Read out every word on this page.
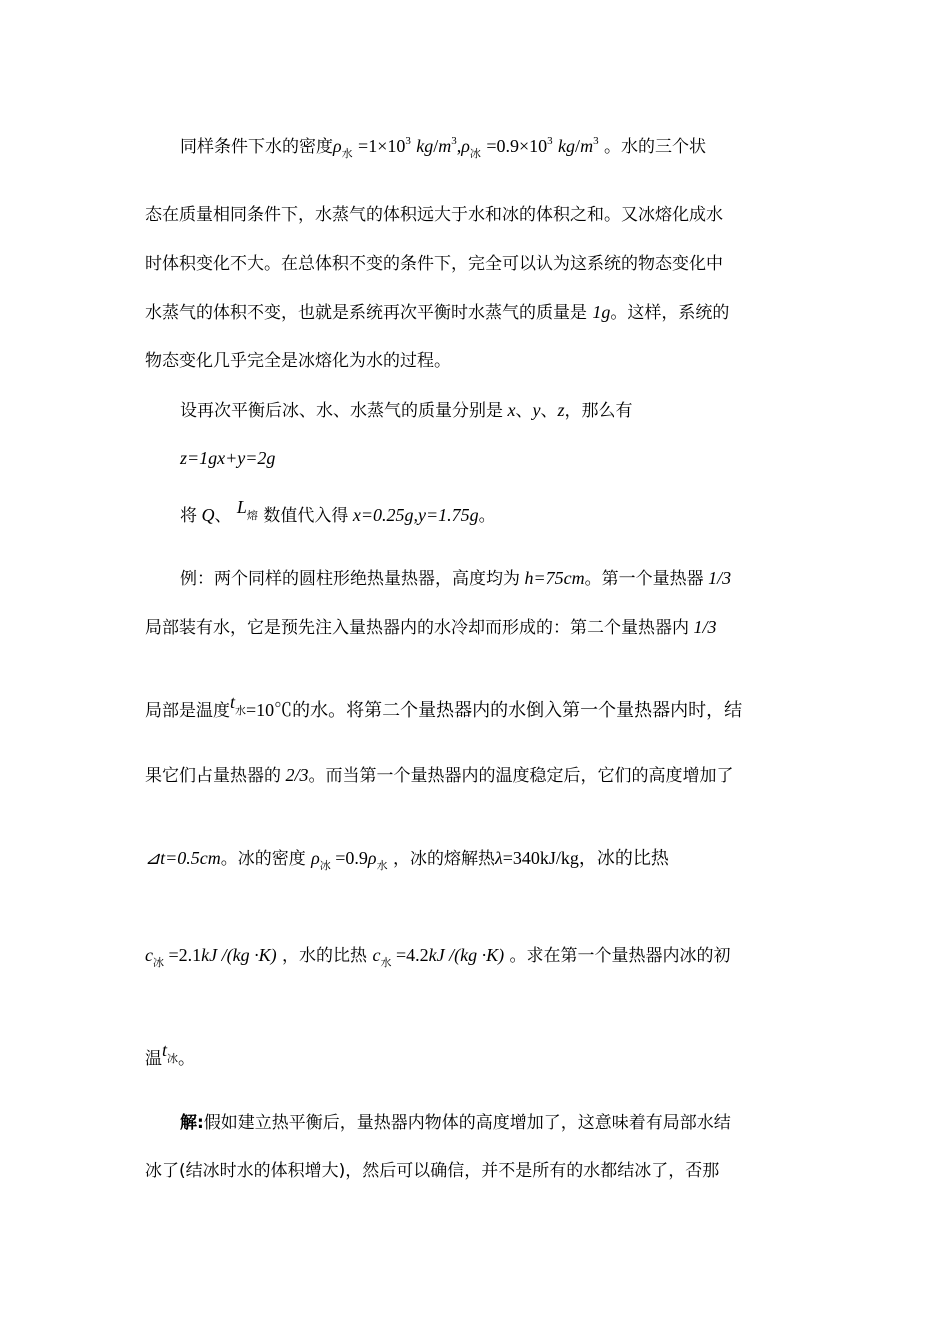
同样条件下水的密度$\rho_水 =1\times 10^3$ $kg/m^3,\rho_冰 =0.9\times 10^3$ $kg/m^3$ 。水的三个状
态在质量相同条件下，水蒸气的体积远大于水和冰的体积之和。又冰熔化成水
时体积变化不大。在总体积不变的条件下，完全可以认为这系统的物态变化中
水蒸气的体积不变，也就是系统再次平衡时水蒸气的质量是 1g。这样，系统的
物态变化几乎完全是冰熔化为水的过程。
设再次平衡后冰、水、水蒸气的质量分别是 x、y、z，那么有
z=1gx+y=2g
将 Q、 L熔 数值代入得 x=0.25g,y=1.75g。
例：两个同样的圆柱形绝热量热器，高度均为 h=75cm。第一个量热器 1/3
局部装有水，它是预先注入量热器内的水冷却而形成的：第二个量热器内 1/3
局部是温度t水=10℃的水。将第二个量热器内的水倒入第一个量热器内时，结
果它们占量热器的 2/3。而当第一个量热器内的温度稳定后，它们的高度增加了
⊿t=0.5cm。冰的密度 $\rho_冰 =0.9\rho_水$ ，冰的熔解热λ=340kJ/kg，冰的比热
$c_冰 =2.1kJ$ /(kg ·K) ，水的比热 $c_水 =4.2kJ$ /(kg ·K) 。求在第一个量热器内冰的初
温t冰。
解:假如建立热平衡后，量热器内物体的高度增加了，这意味着有局部水结
冰了(结冰时水的体积增大)，然后可以确信，并不是所有的水都结冰了，否那
